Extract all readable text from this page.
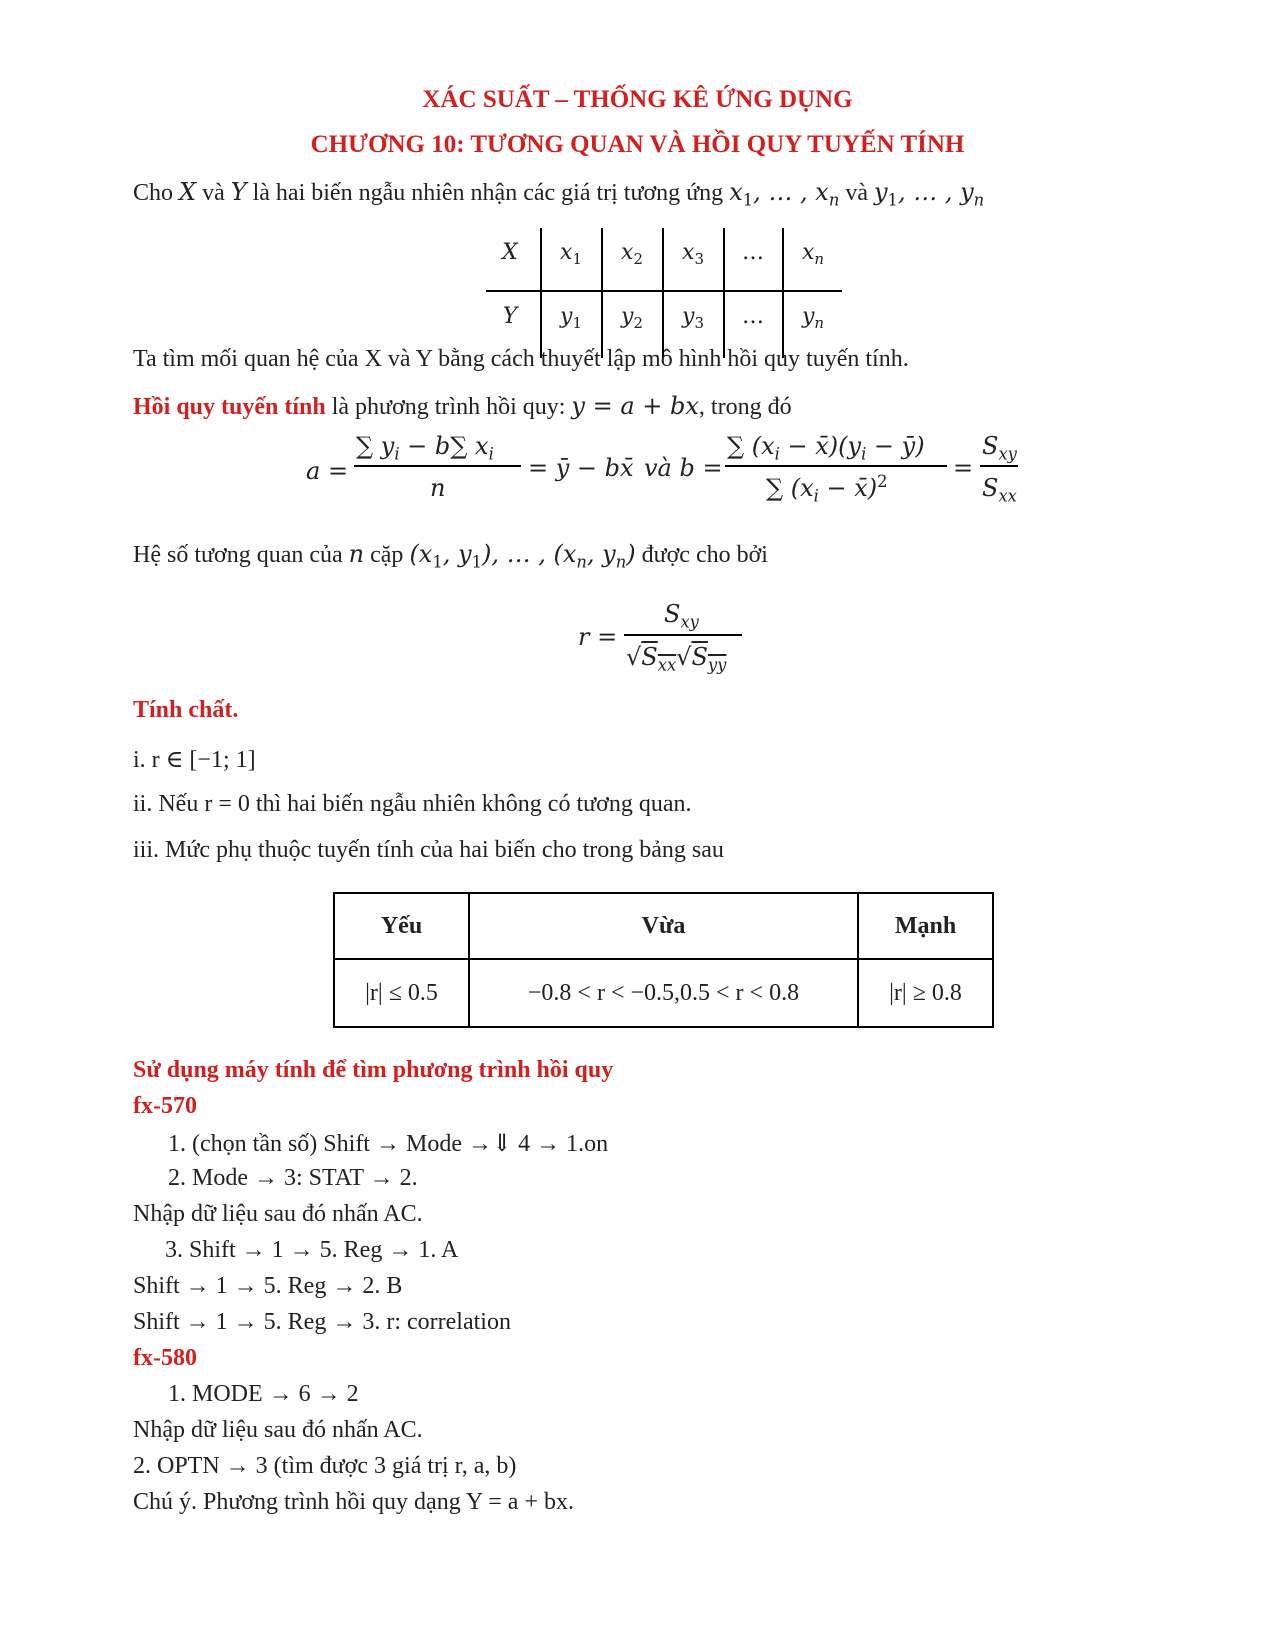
XÁC SUẤT – THỐNG KÊ ỨNG DỤNG
CHƯƠNG 10: TƯƠNG QUAN VÀ HỒI QUY TUYẾN TÍNH
Cho X và Y là hai biến ngẫu nhiên nhận các giá trị tương ứng $x_1$, … , $x_n$ và $y_1$, … , $y_n$
X	$x_1$	$x_2$	$x_3$	…	$x_n$
Y	$y_1$	$y_2$	$y_3$	…	$y_n$
Ta tìm mối quan hệ của X và Y bằng cách thuyết lập mô hình hồi quy tuyến tính.
Hồi quy tuyến tính là phương trình hồi quy: y = a + bx, trong đó
a =
∑ $y_i - b\sum$ $x_i$
n
= ȳ − bx̄ và b =
∑ ($x_i$ − $x̄)(y_i$ − ȳ)
∑ ($x_i$ − x̄)$^2$	=
$S_{xy}$
$S_{xx}$
Hệ số tương quan của n cặp ($x_1$, $y_1$), … , ($x_n$, $y_n$) được cho bởi
r =
$S_{xy}$
$√S_{xx}√S_{yy}$
Tính chất.
i. r ∈ [−1; 1]
ii. Nếu r = 0 thì hai biến ngẫu nhiên không có tương quan.
iii. Mức phụ thuộc tuyến tính của hai biến cho trong bảng sau
Yếu	Vừa	Mạnh
|r| ≤ 0.5	−0.8 < r < −0.5,0.5 < r < 0.8	|r| ≥ 0.8
Sử dụng máy tính để tìm phương trình hồi quy
fx-570
1. (chọn tần số) Shift → Mode →⇓ 4 → 1.on
2. Mode → 3: STAT → 2.
Nhập dữ liệu sau đó nhấn AC.
3. Shift → 1 → 5. Reg → 1. A
Shift → 1 → 5. Reg → 2. B
Shift → 1 → 5. Reg → 3. r: correlation
fx-580
1. MODE → 6 → 2
Nhập dữ liệu sau đó nhấn AC.
2. OPTN → 3 (tìm được 3 giá trị r, a, b)
Chú ý. Phương trình hồi quy dạng Y = a + bx.
